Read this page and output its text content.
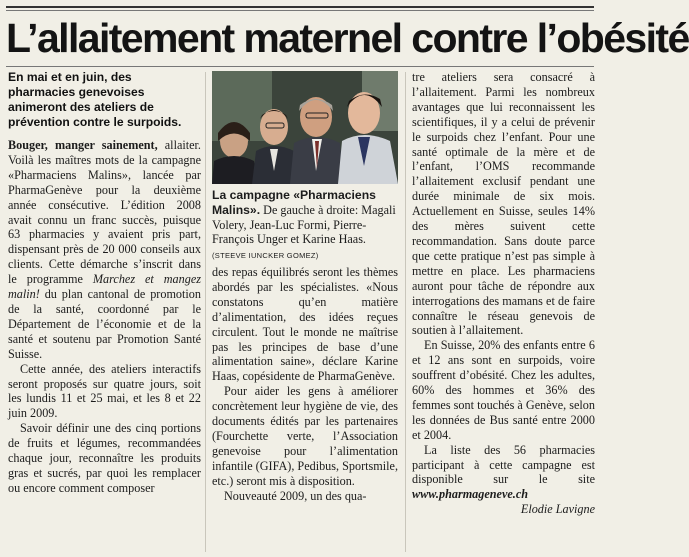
L’allaitement maternel contre l’obésité

En mai et en juin, des pharmacies genevoises animeront des ateliers de prévention contre le surpoids.

Bouger, manger sainement, allaiter. Voilà les maîtres mots de la campagne «Pharmaciens Malins», lancée par PharmaGenève pour la deuxième année consécutive. L’édition 2008 avait connu un franc succès, puisque 63 pharmacies y avaient pris part, dispensant près de 20 000 conseils aux clients. Cette démarche s’inscrit dans le programme Marchez et mangez malin! du plan cantonal de promotion de la santé, coordonné par le Département de l’économie et de la santé et soutenu par Promotion Santé Suisse.

Cette année, des ateliers interactifs seront proposés sur quatre jours, soit les lundis 11 et 25 mai, et les 8 et 22 juin 2009.

Savoir définir une des cinq portions de fruits et légumes, recommandées chaque jour, reconnaître les produits gras et sucrés, par quoi les remplacer ou encore comment composer

La campagne «Pharmaciens Malins». De gauche à droite: Magali Volery, Jean-Luc Formi, Pierre-François Unger et Karine Haas. (STEEVE IUNCKER GOMEZ)

des repas équilibrés seront les thèmes abordés par les spécialistes. «Nous constatons qu’en matière d’alimentation, des idées reçues circulent. Tout le monde ne maîtrise pas les principes de base d’une alimentation saine», déclare Karine Haas, copésidente de PharmaGenève.

Pour aider les gens à améliorer concrètement leur hygiène de vie, des documents édités par les partenaires (Fourchette verte, l’Association genevoise pour l’alimentation infantile (GIFA), Pedibus, Sportsmile, etc.) seront mis à disposition.

Nouveauté 2009, un des qua-

tre ateliers sera consacré à l’allaitement. Parmi les nombreux avantages que lui reconnaissent les scientifiques, il y a celui de prévenir le surpoids chez l’enfant. Pour une santé optimale de la mère et de l’enfant, l’OMS recommande l’allaitement exclusif pendant une durée minimale de six mois. Actuellement en Suisse, seules 14% des mères suivent cette recommandation. Sans doute parce que cette pratique n’est pas simple à mettre en place. Les pharmaciens auront pour tâche de répondre aux interrogations des mamans et de faire connaître le réseau genevois de soutien à l’allaitement.

En Suisse, 20% des enfants entre 6 et 12 ans sont en surpoids, voire souffrent d’obésité. Chez les adultes, 60% des hommes et 36% des femmes sont touchés à Genève, selon les données de Bus santé entre 2000 et 2004.

La liste des 56 pharmacies participant à cette campagne est disponible sur le site www.pharmageneve.ch

Elodie Lavigne
